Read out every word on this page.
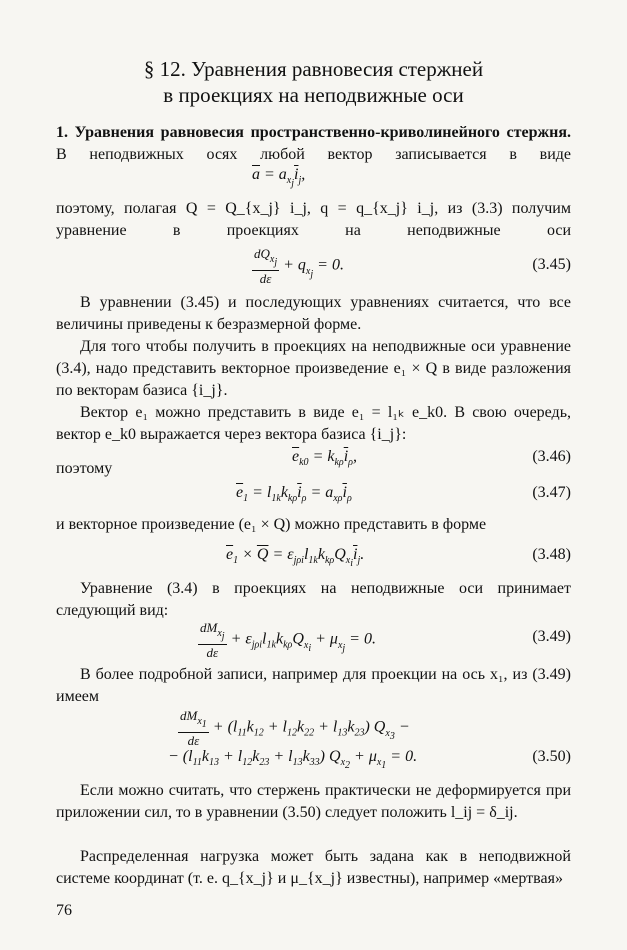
§ 12. Уравнения равновесия стержней
в проекциях на неподвижные оси
1. Уравнения равновесия пространственно-криволинейного стержня. В неподвижных осях любой вектор записывается в виде
$\overline{a} = a_{x_j}\overline{i}_j$,
поэтому, полагая Q = Q_{x_j} i_j, q = q_{x_j} i_j, из (3.3) получим уравнение в проекциях на неподвижные оси
$\frac{dQ_{x_j}}{d\varepsilon} + q_{x_j} = 0$.	(3.45)
В уравнении (3.45) и последующих уравнениях считается, что все величины приведены к безразмерной форме.
Для того чтобы получить в проекциях на неподвижные оси уравнение (3.4), надо представить векторное произведение e₁ × Q в виде разложения по векторам базиса {i_j}.
Вектор e₁ можно представить в виде e₁ = l₁ₖ e_k0. В свою очередь, вектор e_k0 выражается через вектора базиса {i_j}:
$\overline{e}_{k0} = k_{k\rho}\overline{i}_\rho$,	(3.46)
поэтому
$\overline{e}_1 = l_{1k}k_{k\rho}\overline{i}_\rho = a_{x\rho}\overline{i}_\rho$	(3.47)
и векторное произведение (e₁ × Q) можно представить в форме
$\overline{e}_1 \times \overline{Q} = \varepsilon_{j\rho i}l_{1k}k_{k\rho}Q_{x_i}\overline{i}_j$.	(3.48)
Уравнение (3.4) в проекциях на неподвижные оси принимает следующий вид:
$\frac{dM_{x_j}}{d\varepsilon} + \varepsilon_{j\rho i}l_{1k}k_{k\rho}Q_{x_i} + \mu_{x_j} = 0$.	(3.49)
В более подробной записи, например для проекции на ось x₁, из (3.49) имеем
$\frac{dM_{x_1}}{d\varepsilon} + (l_{11}k_{12} + l_{12}k_{22} + l_{13}k_{23}) Q_{x_3}$ −
− $(l_{11}k_{13} + l_{12}k_{23} + l_{13}k_{33}) Q_{x_2} + \mu_{x_1} = 0$.	(3.50)
Если можно считать, что стержень практически не деформируется при приложении сил, то в уравнении (3.50) следует положить l_ij = δ_ij.
Распределенная нагрузка может быть задана как в неподвижной системе координат (т. е. q_{x_j} и μ_{x_j} известны), например «мертвая»
76
